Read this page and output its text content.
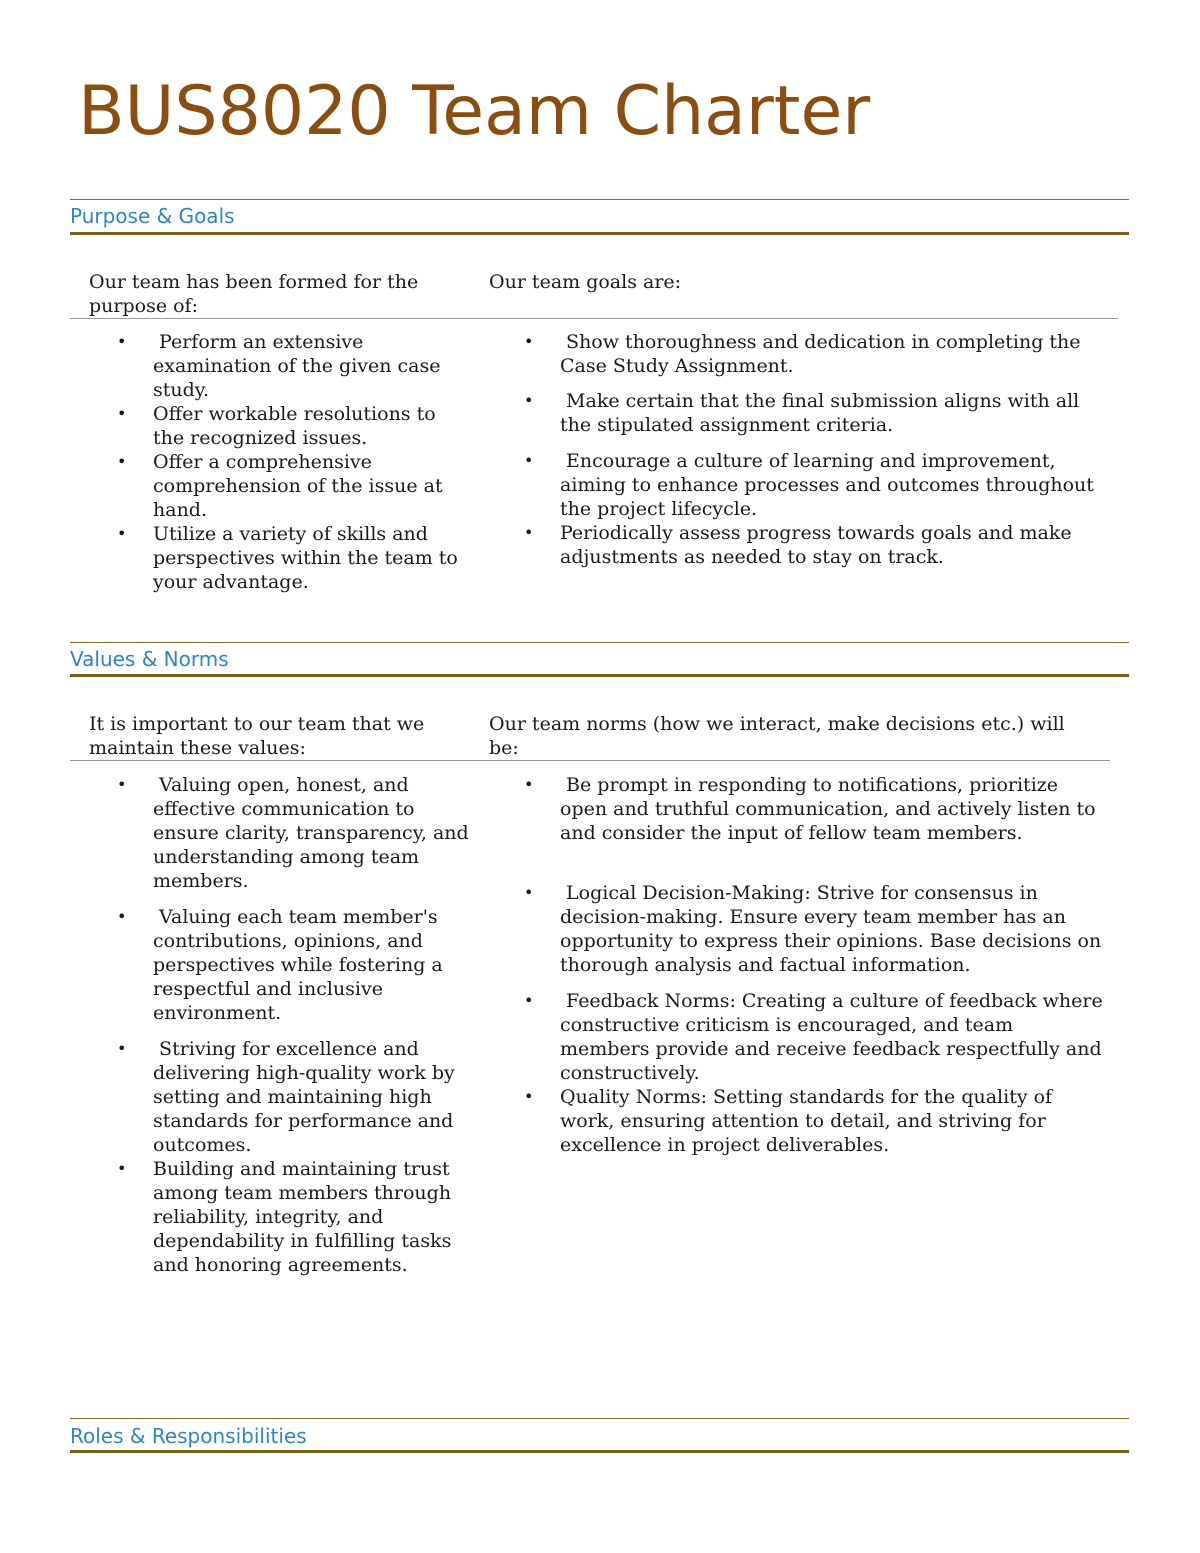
BUS8020 Team Charter
Purpose & Goals
Our team has been formed for the purpose of:
Our team goals are:
• Perform an extensive examination of the given case study.
• Offer workable resolutions to the recognized issues.
• Offer a comprehensive comprehension of the issue at hand.
• Utilize a variety of skills and perspectives within the team to your advantage.
• Show thoroughness and dedication in completing the Case Study Assignment.
• Make certain that the final submission aligns with all the stipulated assignment criteria.
• Encourage a culture of learning and improvement, aiming to enhance processes and outcomes throughout the project lifecycle.
• Periodically assess progress towards goals and make adjustments as needed to stay on track.
Values & Norms
It is important to our team that we maintain these values:
Our team norms (how we interact, make decisions etc.) will be:
• Valuing open, honest, and effective communication to ensure clarity, transparency, and understanding among team members.
• Valuing each team member's contributions, opinions, and perspectives while fostering a respectful and inclusive environment.
• Striving for excellence and delivering high-quality work by setting and maintaining high standards for performance and outcomes.
• Building and maintaining trust among team members through reliability, integrity, and dependability in fulfilling tasks and honoring agreements.
• Be prompt in responding to notifications, prioritize open and truthful communication, and actively listen to and consider the input of fellow team members.
• Logical Decision-Making: Strive for consensus in decision-making. Ensure every team member has an opportunity to express their opinions. Base decisions on thorough analysis and factual information.
• Feedback Norms: Creating a culture of feedback where constructive criticism is encouraged, and team members provide and receive feedback respectfully and constructively.
• Quality Norms: Setting standards for the quality of work, ensuring attention to detail, and striving for excellence in project deliverables.
Roles & Responsibilities
